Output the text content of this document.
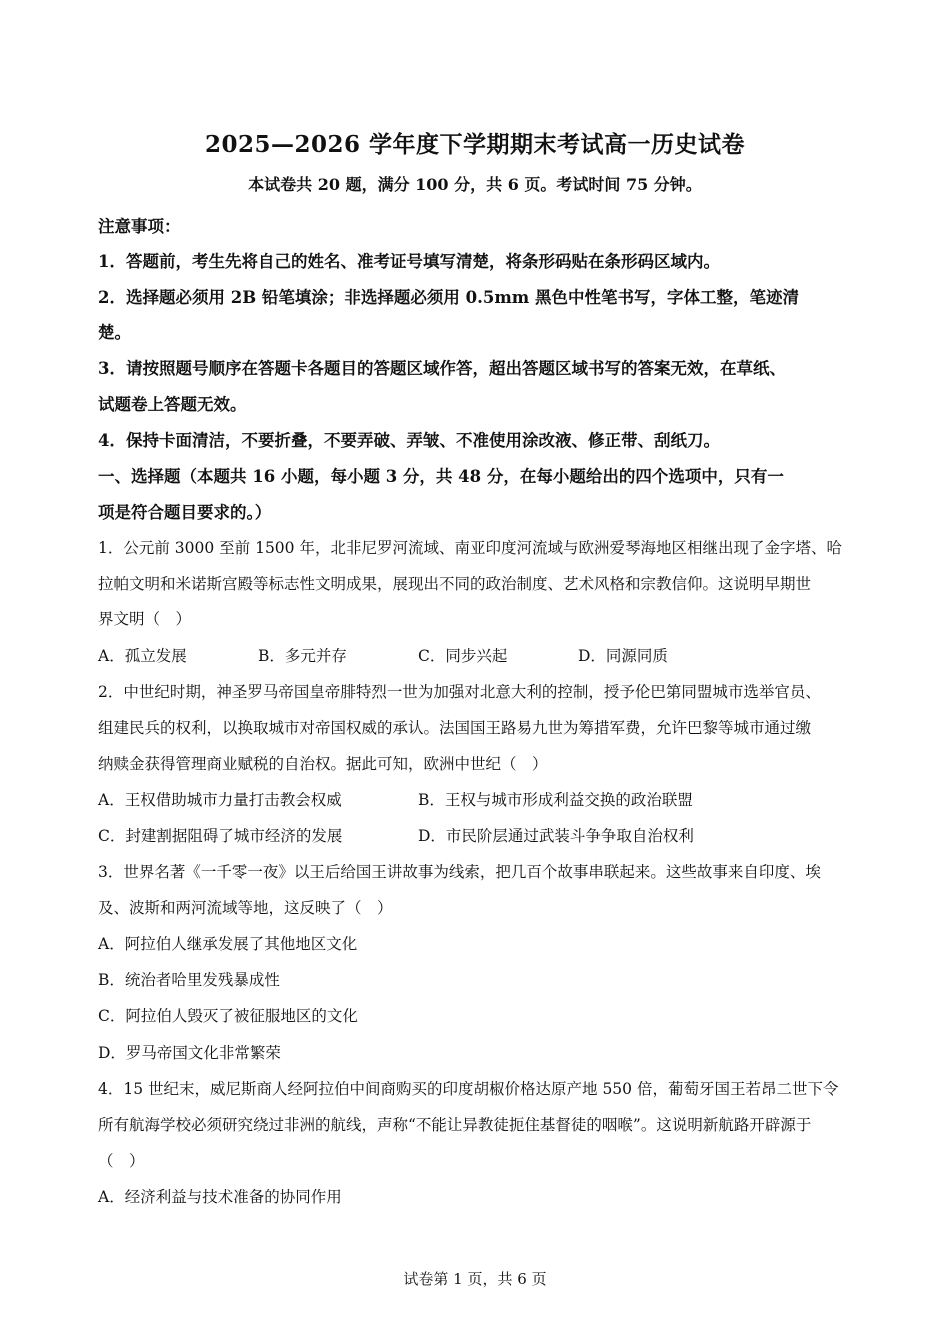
2025—2026 学年度下学期期末考试高一历史试卷
本试卷共 20 题，满分 100 分，共 6 页。考试时间 75 分钟。
注意事项：
1．答题前，考生先将自己的姓名、准考证号填写清楚，将条形码贴在条形码区域内。
2．选择题必须用 2B 铅笔填涂；非选择题必须用 0.5mm 黑色中性笔书写，字体工整，笔迹清
楚。
3．请按照题号顺序在答题卡各题目的答题区域作答，超出答题区域书写的答案无效，在草纸、
试题卷上答题无效。
4．保持卡面清洁，不要折叠，不要弄破、弄皱、不准使用涂改液、修正带、刮纸刀。
一、选择题（本题共 16 小题，每小题 3 分，共 48 分，在每小题给出的四个选项中，只有一
项是符合题目要求的。）
1．公元前 3000 至前 1500 年，北非尼罗河流域、南亚印度河流域与欧洲爱琴海地区相继出现了金字塔、哈
拉帕文明和米诺斯宫殿等标志性文明成果，展现出不同的政治制度、艺术风格和宗教信仰。这说明早期世
界文明（　）
A．孤立发展	B．多元并存	C．同步兴起	D．同源同质
2．中世纪时期，神圣罗马帝国皇帝腓特烈一世为加强对北意大利的控制，授予伦巴第同盟城市选举官员、
组建民兵的权利，以换取城市对帝国权威的承认。法国国王路易九世为筹措军费，允许巴黎等城市通过缴
纳赎金获得管理商业赋税的自治权。据此可知，欧洲中世纪（　）
A．王权借助城市力量打击教会权威	B．王权与城市形成利益交换的政治联盟
C．封建割据阻碍了城市经济的发展	D．市民阶层通过武装斗争争取自治权利
3．世界名著《一千零一夜》以王后给国王讲故事为线索，把几百个故事串联起来。这些故事来自印度、埃
及、波斯和两河流域等地，这反映了（　）
A．阿拉伯人继承发展了其他地区文化
B．统治者哈里发残暴成性
C．阿拉伯人毁灭了被征服地区的文化
D．罗马帝国文化非常繁荣
4．15 世纪末，威尼斯商人经阿拉伯中间商购买的印度胡椒价格达原产地 550 倍，葡萄牙国王若昂二世下令
所有航海学校必须研究绕过非洲的航线，声称“不能让异教徒扼住基督徒的咽喉”。这说明新航路开辟源于
（　）
A．经济利益与技术准备的协同作用
试卷第 1 页，共 6 页
